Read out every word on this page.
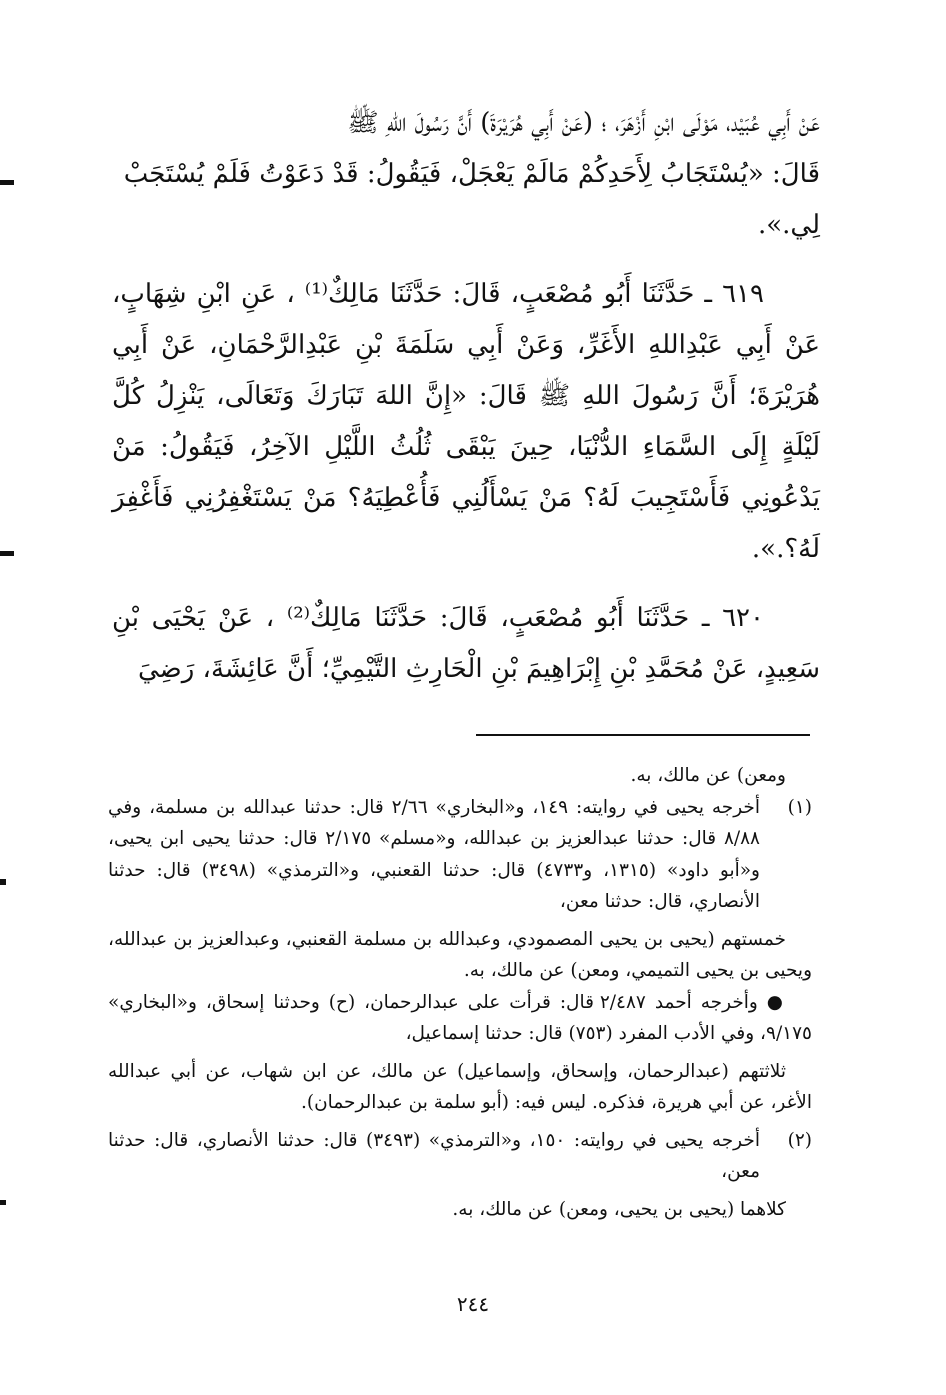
عَنْ أَبِي عُبَيْد، مَوْلَى ابْنِ أَزْهَرَ، ؛ (عَنْ أَبِي هُرَيْرَةَ) أَنَّ رَسُولَ اللهِ ﷺ

قَالَ: «يُسْتَجَابُ لِأَحَدِكُمْ مَالَمْ يَعْجَلْ، فَيَقُولُ: قَدْ دَعَوْتُ فَلَمْ يُسْتَجَبْ

لِي.».

٦١٩ ـ حَدَّثَنَا أَبُو مُصْعَبٍ، قَالَ: حَدَّثَنَا مَالِكٌ⁽¹⁾ ، عَنِ ابْنِ شِهَابٍ، عَنْ أَبِي عَبْدِاللهِ الأَغَرِّ، وَعَنْ أَبِي سَلَمَةَ بْنِ عَبْدِالرَّحْمَانِ، عَنْ أَبِي هُرَيْرَةَ؛ أَنَّ رَسُولَ اللهِ ﷺ قَالَ: «إِنَّ اللهَ تَبَارَكَ وَتَعَالَى، يَنْزِلُ كُلَّ لَيْلَةٍ إِلَى السَّمَاءِ الدُّنْيَا، حِينَ يَبْقَى ثُلُثُ اللَّيْلِ الآخِرُ، فَيَقُولُ: مَنْ يَدْعُونِي فَأَسْتَجِيبَ لَهُ؟ مَنْ يَسْأَلُنِي فَأُعْطِيَهُ؟ مَنْ يَسْتَغْفِرُنِي فَأَغْفِرَ لَهُ؟.».

٦٢٠ ـ حَدَّثَنَا أَبُو مُصْعَبٍ، قَالَ: حَدَّثَنَا مَالِكٌ⁽²⁾ ، عَنْ يَحْيَى بْنِ سَعِيدٍ، عَنْ مُحَمَّدِ بْنِ إِبْرَاهِيمَ بْنِ الْحَارِثِ التَّيْمِيِّ؛ أَنَّ عَائِشَةَ، رَضِيَ

ومعن) عن مالك، به.

(١)

أخرجه يحيى في روايته: ١٤٩، و«البخاري» ٢/٦٦ قال: حدثنا عبدالله بن مسلمة، وفي ٨/٨٨ قال: حدثنا عبدالعزيز بن عبدالله، و«مسلم» ٢/١٧٥ قال: حدثنا يحيى ابن يحيى، و«أبو داود» (١٣١٥، و٤٧٣٣) قال: حدثنا القعنبي، و«الترمذي» (٣٤٩٨) قال: حدثنا الأنصاري، قال: حدثنا معن،

خمستهم (يحيى بن يحيى المصمودي، وعبدالله بن مسلمة القعنبي، وعبدالعزيز بن عبدالله، ويحيى بن يحيى التميمي، ومعن) عن مالك، به.

● وأخرجه أحمد ٢/٤٨٧ قال: قرأت على عبدالرحمان، (ح) وحدثنا إسحاق، و«البخاري» ٩/١٧٥، وفي الأدب المفرد (٧٥٣) قال: حدثنا إسماعيل،

ثلاثتهم (عبدالرحمان، وإسحاق، وإسماعيل) عن مالك، عن ابن شهاب، عن أبي عبدالله الأغر، عن أبي هريرة، فذكره. ليس فيه: (أبو سلمة بن عبدالرحمان).

(٢)

أخرجه يحيى في روايته: ١٥٠، و«الترمذي» (٣٤٩٣) قال: حدثنا الأنصاري، قال: حدثنا معن،

كلاهما (يحيى بن يحيى، ومعن) عن مالك، به.

٢٤٤
